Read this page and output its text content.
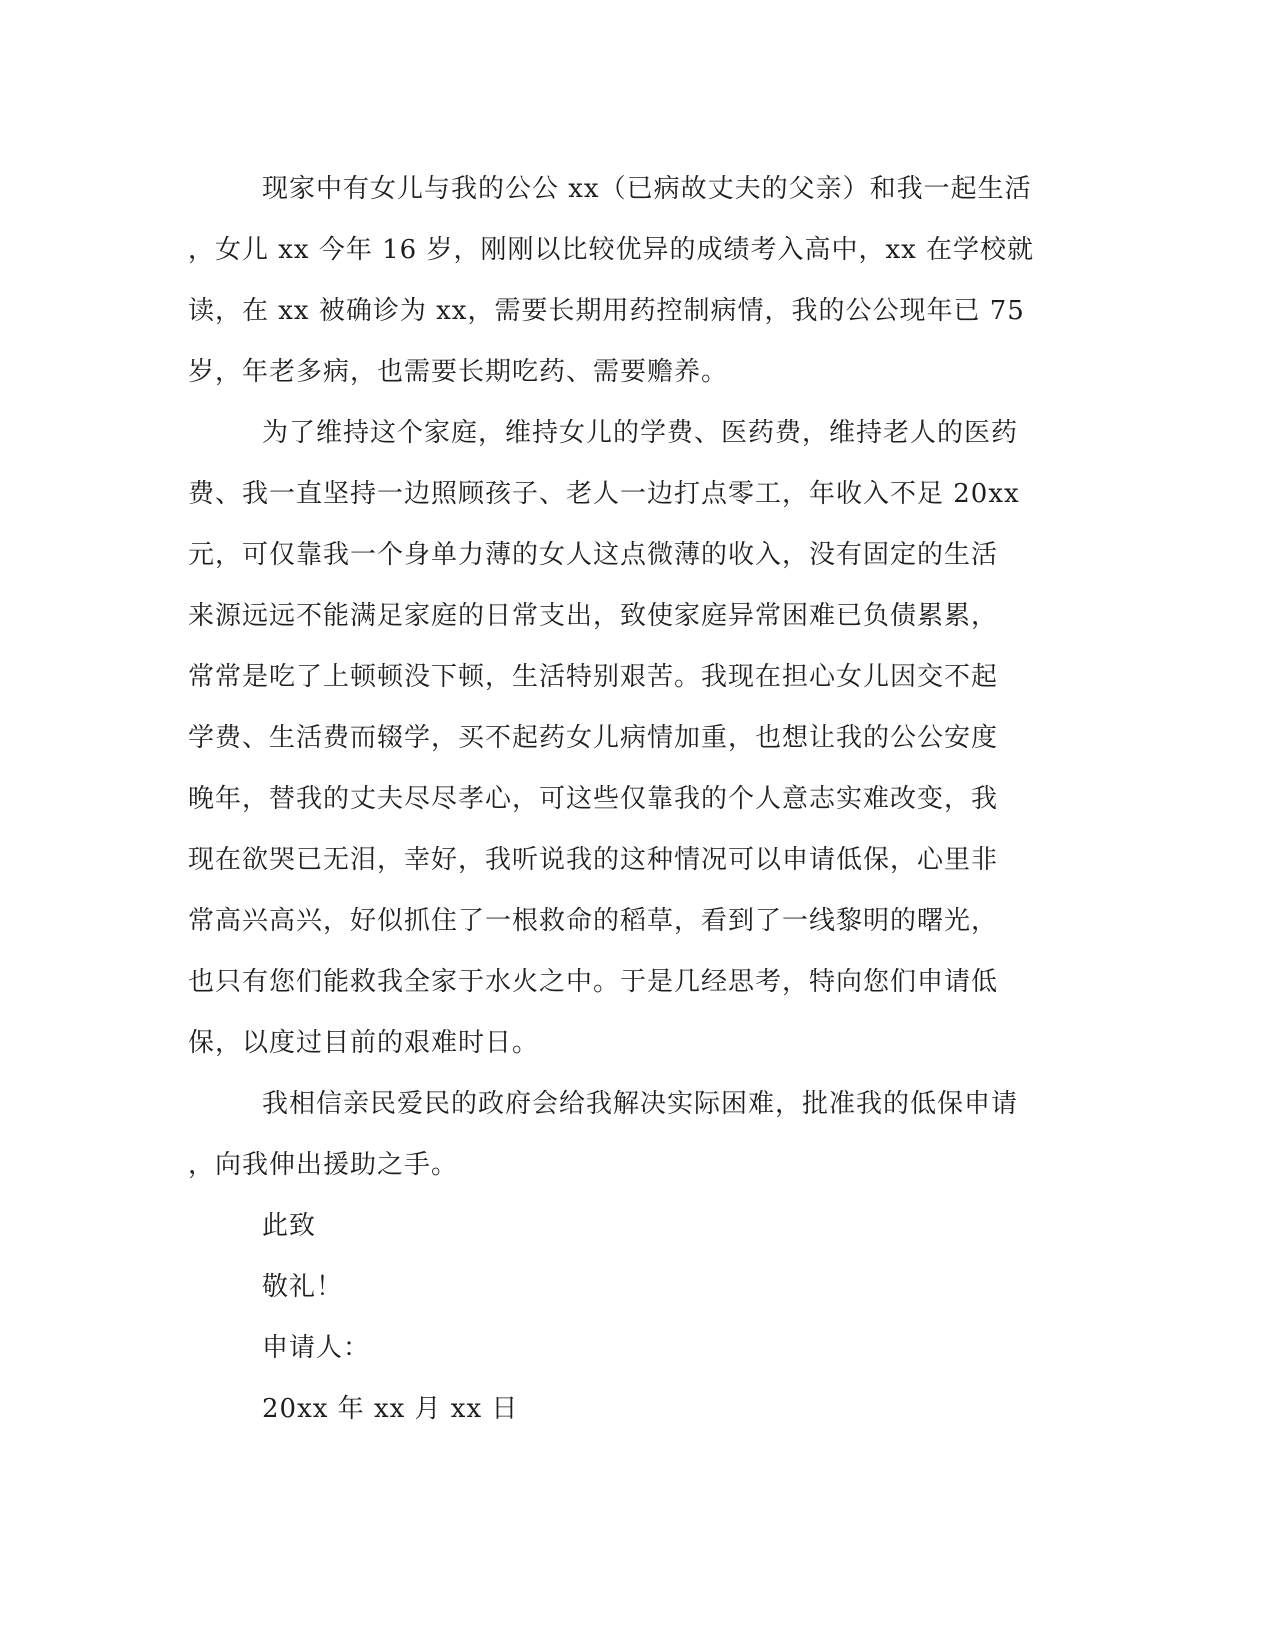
现家中有女儿与我的公公 xx（已病故丈夫的父亲）和我一起生活
，女儿 xx 今年 16 岁，刚刚以比较优异的成绩考入高中，xx 在学校就
读，在 xx 被确诊为 xx，需要长期用药控制病情，我的公公现年已 75
岁，年老多病，也需要长期吃药、需要赡养。
为了维持这个家庭，维持女儿的学费、医药费，维持老人的医药
费、我一直坚持一边照顾孩子、老人一边打点零工，年收入不足 20xx
元，可仅靠我一个身单力薄的女人这点微薄的收入，没有固定的生活
来源远远不能满足家庭的日常支出，致使家庭异常困难已负债累累，
常常是吃了上顿顿没下顿，生活特别艰苦。我现在担心女儿因交不起
学费、生活费而辍学，买不起药女儿病情加重，也想让我的公公安度
晚年，替我的丈夫尽尽孝心，可这些仅靠我的个人意志实难改变，我
现在欲哭已无泪，幸好，我听说我的这种情况可以申请低保，心里非
常高兴高兴，好似抓住了一根救命的稻草，看到了一线黎明的曙光，
也只有您们能救我全家于水火之中。于是几经思考，特向您们申请低
保，以度过目前的艰难时日。
我相信亲民爱民的政府会给我解决实际困难，批准我的低保申请
，向我伸出援助之手。
此致
敬礼！
申请人：
20xx 年 xx 月 xx 日
